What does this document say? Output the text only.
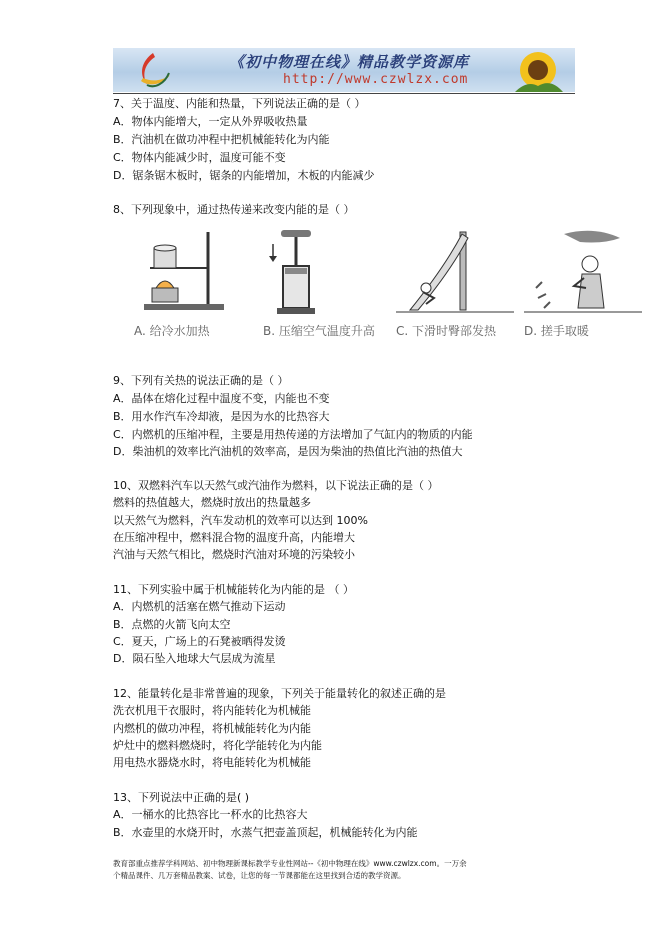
《初中物理在线》精品教学资源库
http://www.czwlzx.com
7、关于温度、内能和热量，下列说法正确的是（ ）
A．物体内能增大，一定从外界吸收热量
B．汽油机在做功冲程中把机械能转化为内能
C．物体内能减少时，温度可能不变
D．锯条锯木板时，锯条的内能增加，木板的内能减少
8、下列现象中，通过热传递来改变内能的是（ ）
A. 给冷水加热	B. 压缩空气温度升高	C. 下滑时臀部发热	D. 搓手取暖
9、下列有关热的说法正确的是（ ）
A．晶体在熔化过程中温度不变，内能也不变
B．用水作汽车冷却液，是因为水的比热容大
C．内燃机的压缩冲程，主要是用热传递的方法增加了气缸内的物质的内能
D．柴油机的效率比汽油机的效率高，是因为柴油的热值比汽油的热值大
10、双燃料汽车以天然气或汽油作为燃料，以下说法正确的是（ ）
燃料的热值越大，燃烧时放出的热量越多
以天然气为燃料，汽车发动机的效率可以达到 100%
在压缩冲程中，燃料混合物的温度升高，内能增大
汽油与天然气相比，燃烧时汽油对环境的污染较小
11、下列实验中属于机械能转化为内能的是 （ ）
A．内燃机的活塞在燃气推动下运动
B．点燃的火箭飞向太空
C．夏天，广场上的石凳被晒得发烫
D．陨石坠入地球大气层成为流星
12、能量转化是非常普遍的现象，下列关于能量转化的叙述正确的是
洗衣机甩干衣服时，将内能转化为机械能
内燃机的做功冲程，将机械能转化为内能
炉灶中的燃料燃烧时，将化学能转化为内能
用电热水器烧水时，将电能转化为机械能
13、下列说法中正确的是( )
A．一桶水的比热容比一杯水的比热容大
B．水壶里的水烧开时，水蒸气把壶盖顶起，机械能转化为内能
教育部重点推荐学科网站、初中物理新课标教学专业性网站--《初中物理在线》www.czwlzx.com。一万余
个精品课件、几万套精品教案、试卷，让您的每一节课都能在这里找到合适的教学资源。
